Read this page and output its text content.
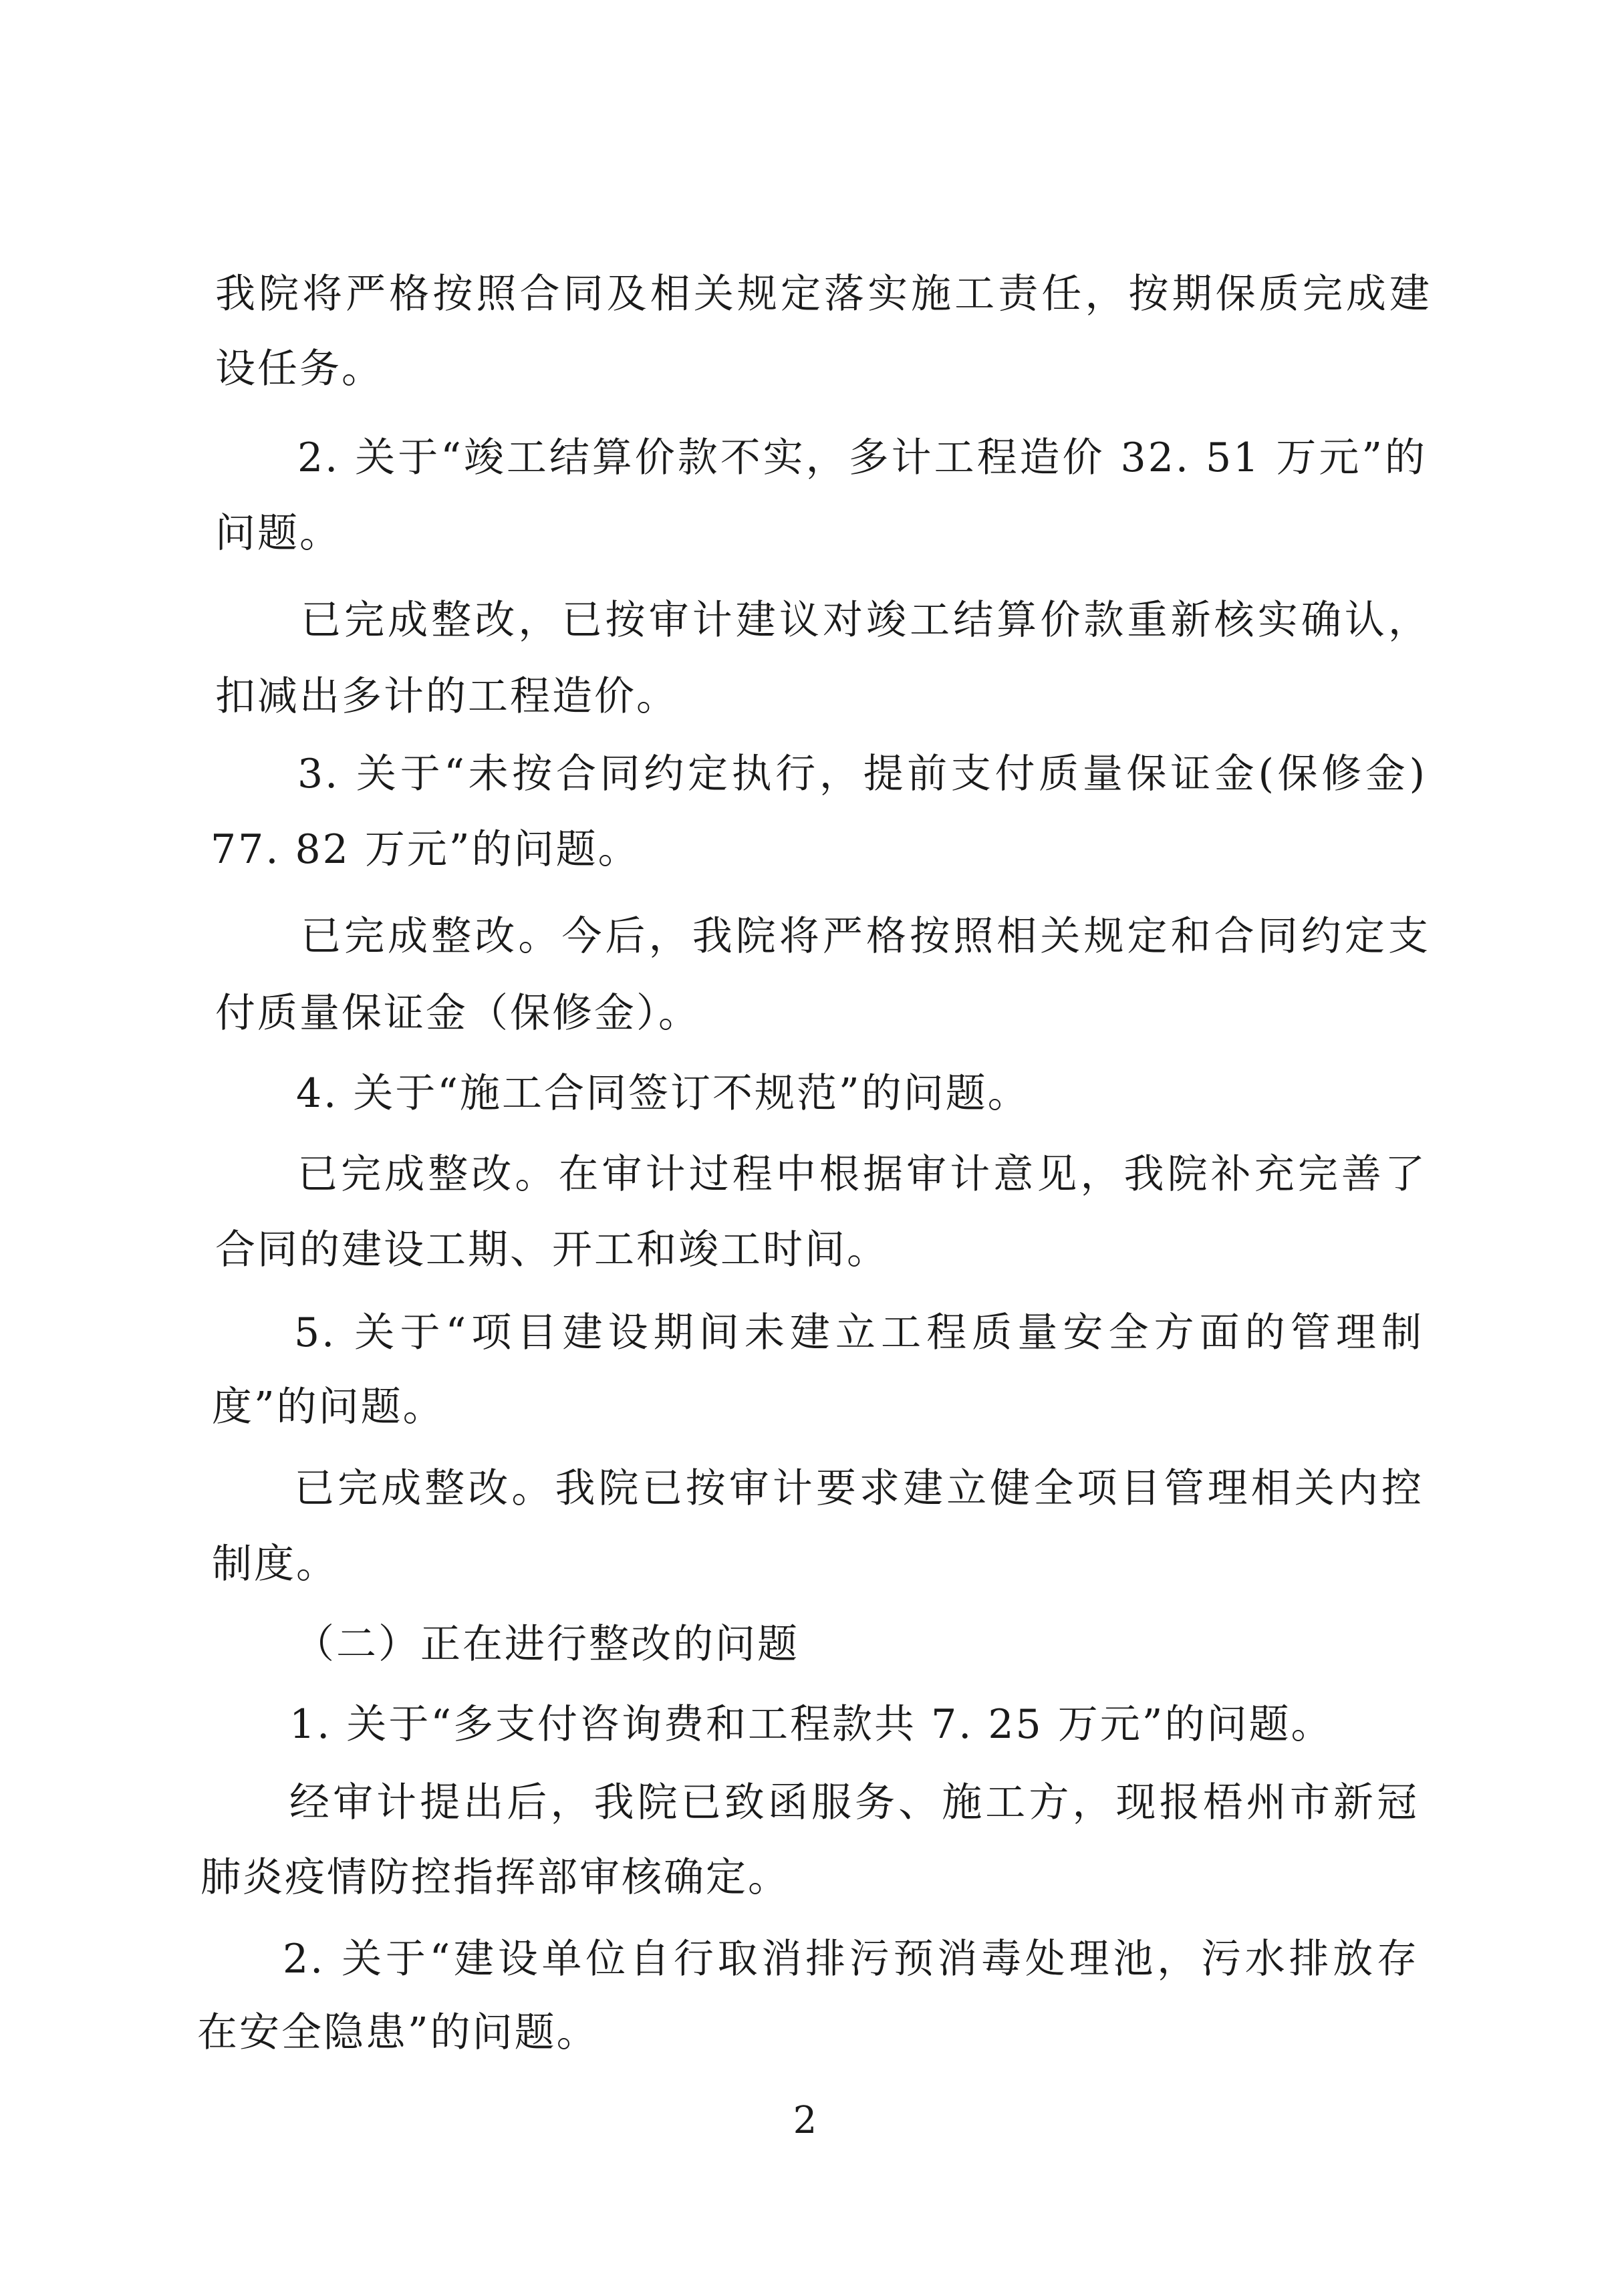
我院将严格按照合同及相关规定落实施工责任，按期保质完成建
设任务。
2. 关于“竣工结算价款不实，多计工程造价 32. 51 万元”的
问题。
已完成整改，已按审计建议对竣工结算价款重新核实确认，
扣减出多计的工程造价。
3. 关于“未按合同约定执行，提前支付质量保证金(保修金)
77. 82 万元”的问题。
已完成整改。今后，我院将严格按照相关规定和合同约定支
付质量保证金（保修金）。
4. 关于“施工合同签订不规范”的问题。
已完成整改。在审计过程中根据审计意见，我院补充完善了
合同的建设工期、开工和竣工时间。
5. 关于“项目建设期间未建立工程质量安全方面的管理制
度”的问题。
已完成整改。我院已按审计要求建立健全项目管理相关内控
制度。
（二）正在进行整改的问题
1. 关于“多支付咨询费和工程款共 7. 25 万元”的问题。
经审计提出后，我院已致函服务、施工方，现报梧州市新冠
肺炎疫情防控指挥部审核确定。
2. 关于“建设单位自行取消排污预消毒处理池，污水排放存
在安全隐患”的问题。
2
